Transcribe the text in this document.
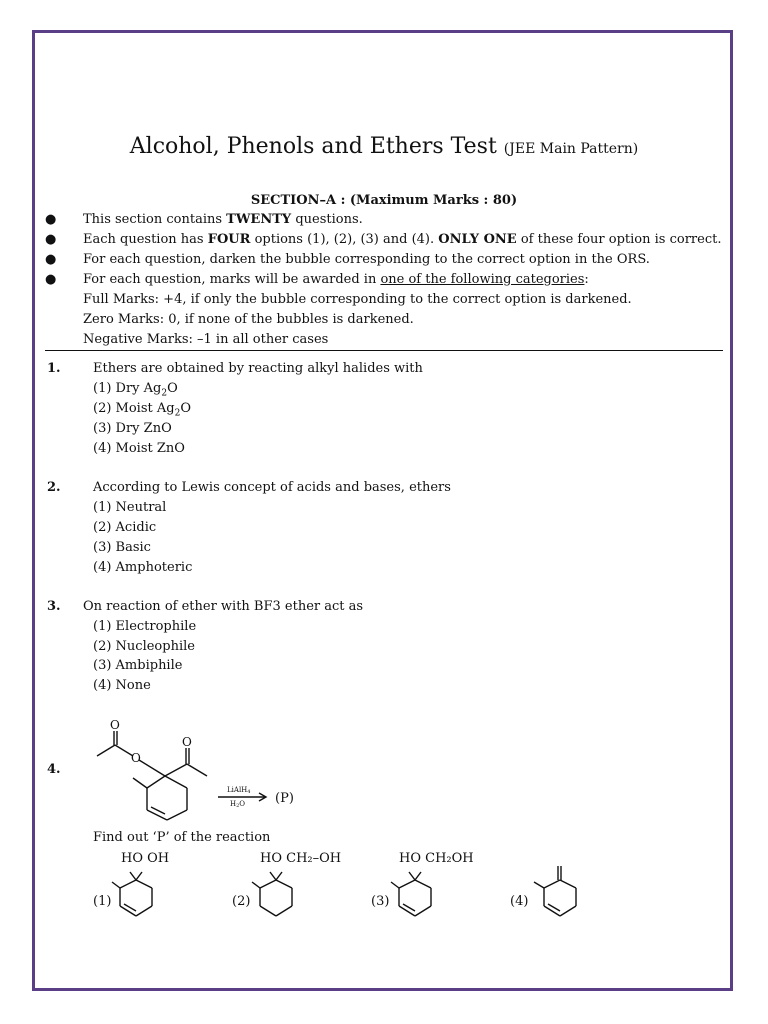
Alcohol, Phenols and Ethers Test (JEE Main Pattern)
SECTION–A : (Maximum Marks : 80)
● This section contains TWENTY questions.
● Each question has FOUR options (1), (2), (3) and (4). ONLY ONE of these four option is correct.
● For each question, darken the bubble corresponding to the correct option in the ORS.
● For each question, marks will be awarded in one of the following categories:
Full Marks: +4, if only the bubble corresponding to the correct option is darkened.
Zero Marks: 0, if none of the bubbles is darkened.
Negative Marks: –1 in all other cases
1. Ethers are obtained by reacting alkyl halides with
(1) Dry $Ag_2O$
(2) Moist $Ag_2O$
(3) Dry ZnO
(4) Moist ZnO
2. According to Lewis concept of acids and bases, ethers
(1) Neutral
(2) Acidic
(3) Basic
(4) Amphoteric
3. On reaction of ether with BF3 ether act as
(1) Electrophile
(2) Nucleophile
(3) Ambiphile
(4) None
4.
O
O
O
LiAlH4
H2O (P)
Find out ‘P’ of the reaction
(1)	(2)	(3)	(4)
HO OH	HO CH₂–OH	HO CH₂OH
